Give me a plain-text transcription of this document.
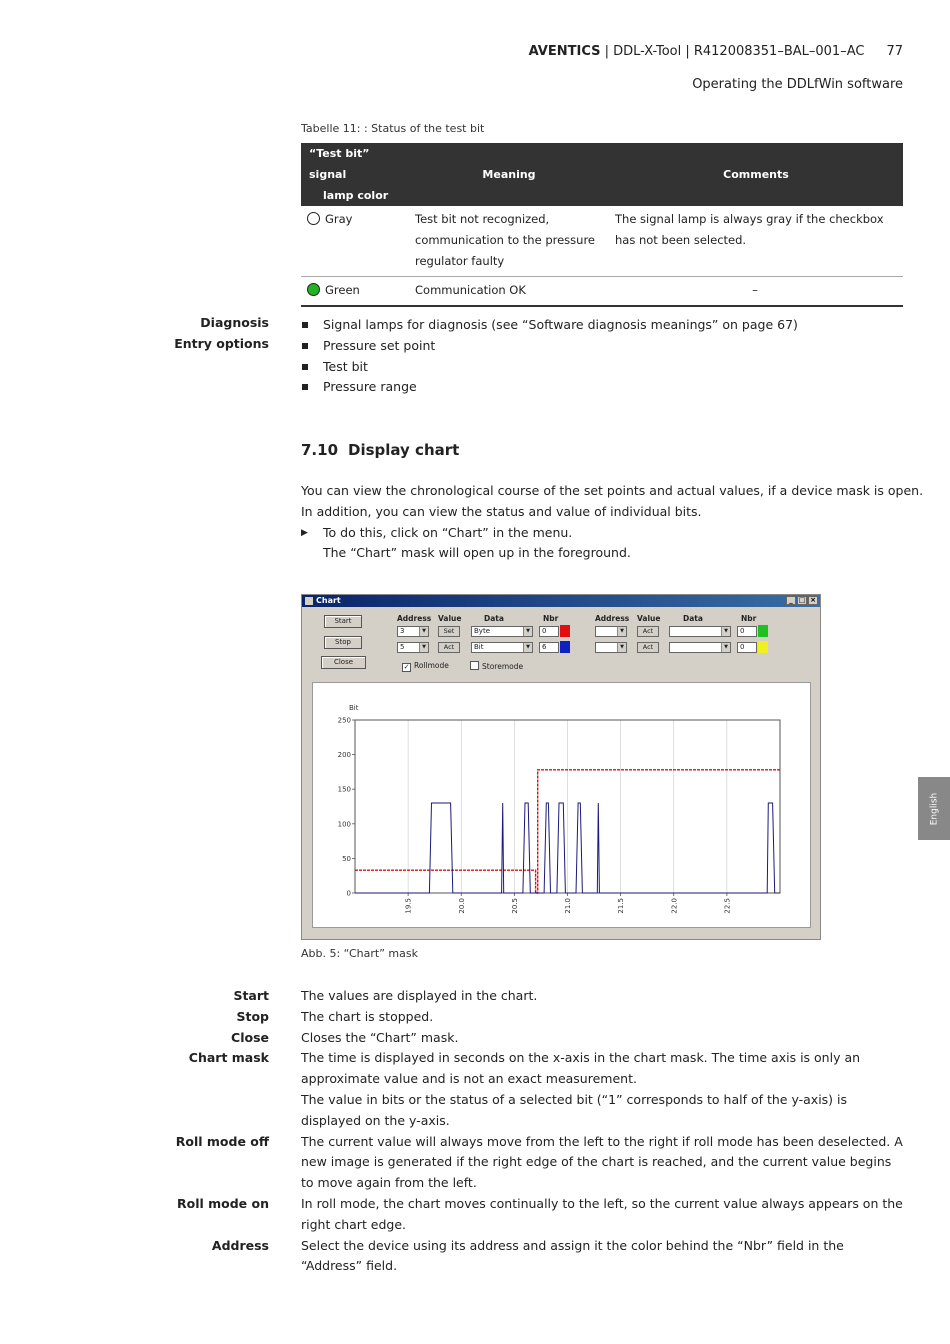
AVENTICS | DDL-X-Tool | R412008351–BAL–001–AC 77
Operating the DDLfWin software
English
Tabelle 11: : Status of the test bit
“Test bit” signal
lamp color	Meaning	Comments
Gray	Test bit not recognized, communication to the pressure regulator faulty	The signal lamp is always gray if the checkbox has not been selected.
Green	Communication OK	–
Diagnosis
Entry options
Signal lamps for diagnosis (see “Software diagnosis meanings” on page 67)
Pressure set point
Test bit
Pressure range
7.10 Display chart
You can view the chronological course of the set points and actual values, if a device mask is open.
In addition, you can view the status and value of individual bits.
▶ To do this, click on “Chart” in the menu.
The “Chart” mask will open up in the foreground.
Chart	_ □ ×
Start
Stop
Close
✓ Rollmode	Storemode
Address Value	Data	Nbr	Address Value	Data	Nbr
3	▼	Set	Byte	▼	0
5	▼	Act	Bit	▼	6
▼	Act	▼	0
▼	Act	▼	0
0
50
100
150
200
250
19.5	20.0	20.5	21.0	21.5	22.0	22.5
Bit
Abb. 5: “Chart” mask
Start	The values are displayed in the chart.
Stop	The chart is stopped.
Close	Closes the “Chart” mask.
Chart mask	The time is displayed in seconds on the x-axis in the chart mask. The time axis is only an approximate value and is not an exact measurement.
The value in bits or the status of a selected bit (“1” corresponds to half of the y-axis) is displayed on the y-axis.
Roll mode off	The current value will always move from the left to the right if roll mode has been deselected. A new image is generated if the right edge of the chart is reached, and the current value begins to move again from the left.
Roll mode on	In roll mode, the chart moves continually to the left, so the current value always appears on the right chart edge.
Address	Select the device using its address and assign it the color behind the “Nbr” field in the “Address” field.
